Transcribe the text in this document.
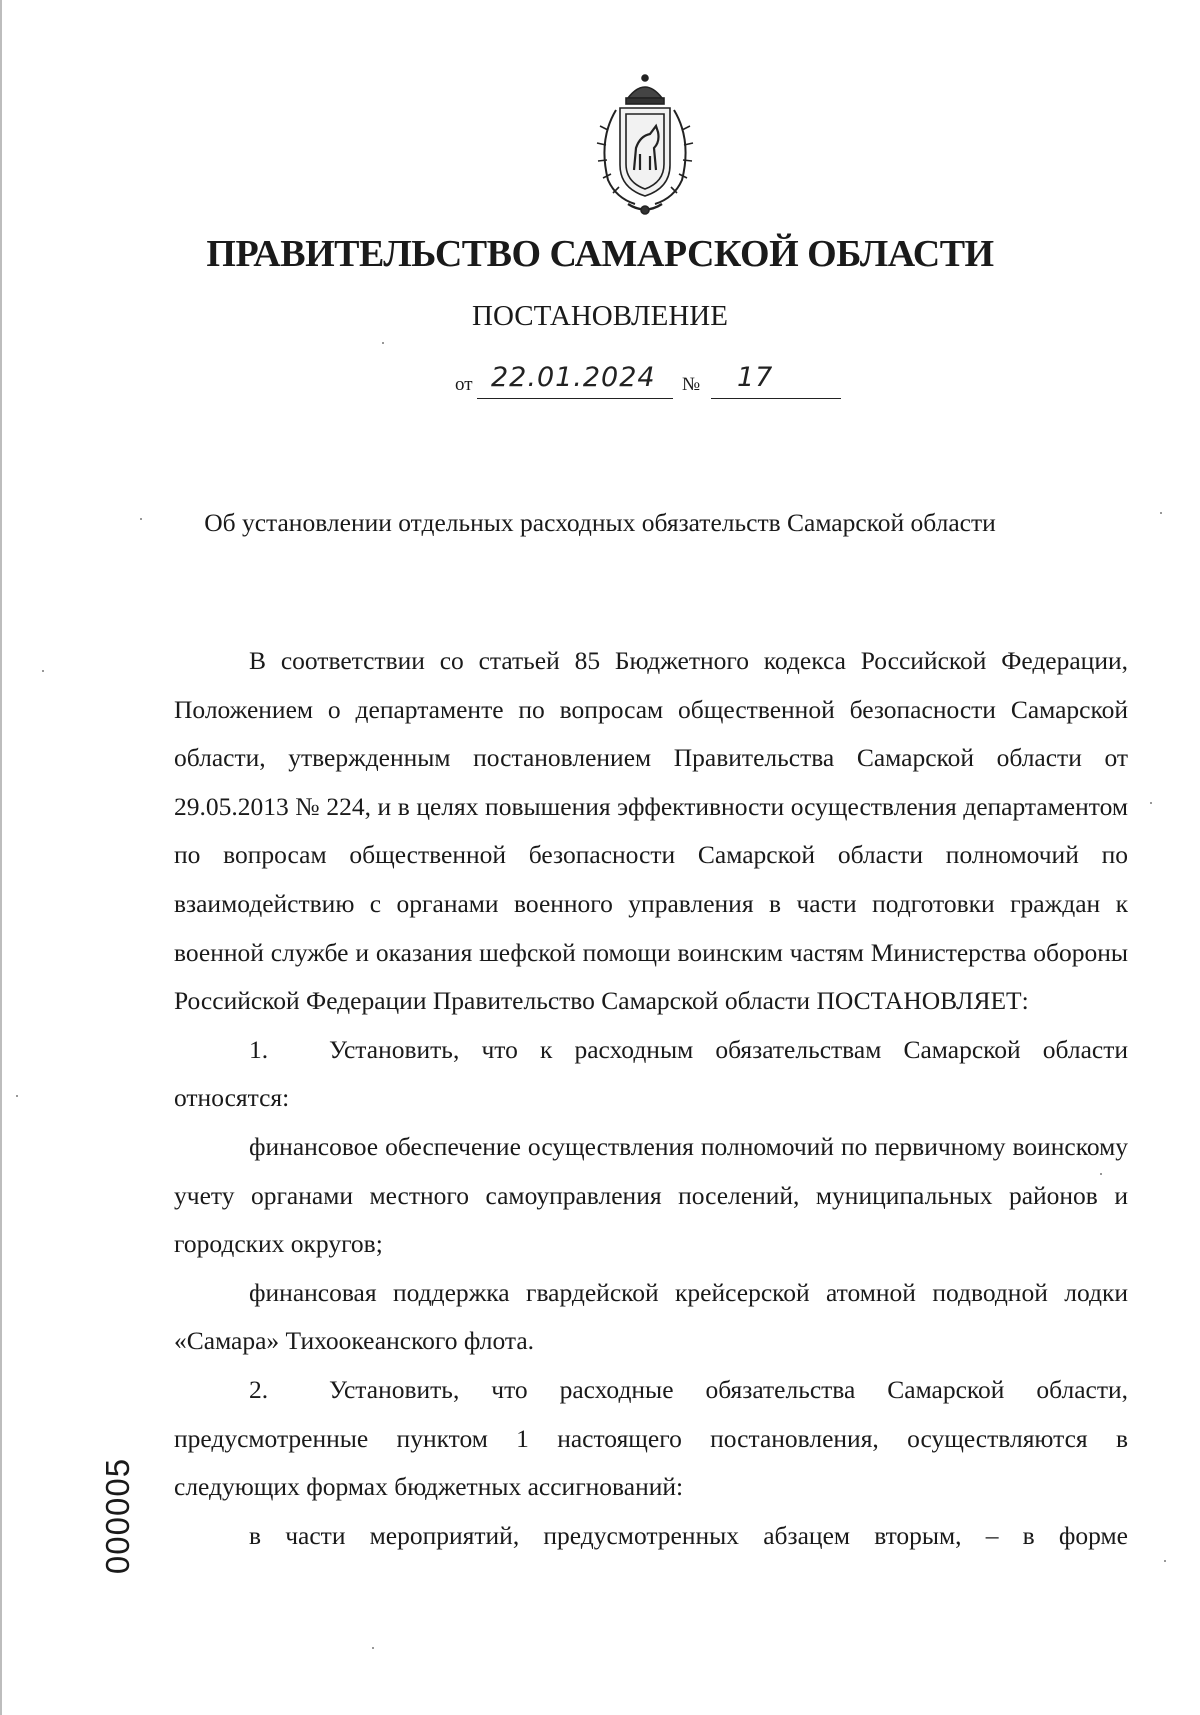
ПРАВИТЕЛЬСТВО САМАРСКОЙ ОБЛАСТИ
ПОСТАНОВЛЕНИЕ
от 22.01.2024 № 17
Об установлении отдельных расходных обязательств Самарской области

В соответствии со статьей 85 Бюджетного кодекса Российской Федерации, Положением о департаменте по вопросам общественной безопасности Самарской области, утвержденным постановлением Правительства Самарской области от 29.05.2013 № 224, и в целях повышения эффективности осуществления департаментом по вопросам общественной безопасности Самарской области полномочий по взаимодействию с органами военного управления в части подготовки граждан к военной службе и оказания шефской помощи воинским частям Министерства обороны Российской Федерации Правительство Самарской области ПОСТАНОВЛЯЕТ:

1. Установить, что к расходным обязательствам Самарской области относятся:

финансовое обеспечение осуществления полномочий по первичному воинскому учету органами местного самоуправления поселений, муниципальных районов и городских округов;

финансовая поддержка гвардейской крейсерской атомной подводной лодки «Самара» Тихоокеанского флота.

2. Установить, что расходные обязательства Самарской области, предусмотренные пунктом 1 настоящего постановления, осуществляются в следующих формах бюджетных ассигнований:

в части мероприятий, предусмотренных абзацем вторым, – в форме

000005
